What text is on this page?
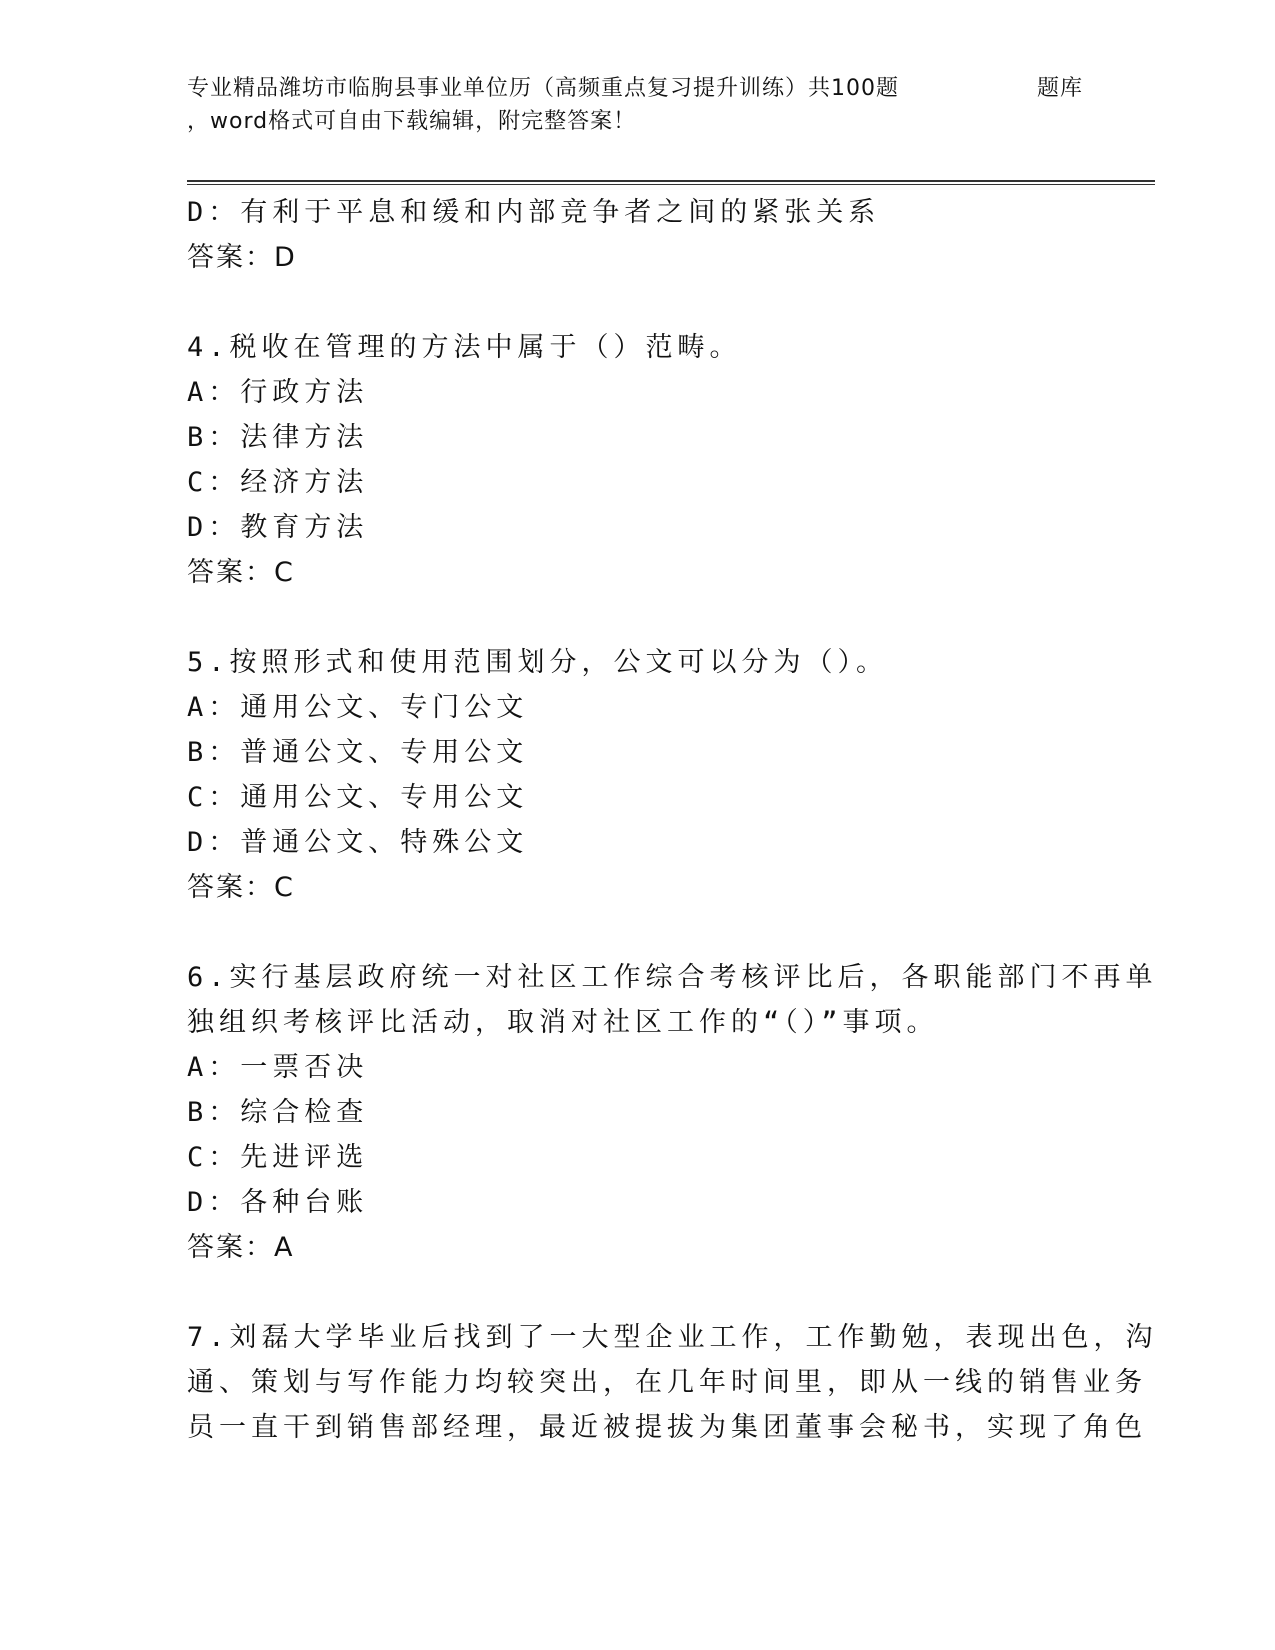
专业精品潍坊市临朐县事业单位历（高频重点复习提升训练）共100题
，word格式可自由下载编辑，附完整答案！
题库
D：有利于平息和缓和内部竞争者之间的紧张关系
答案：D
4.税收在管理的方法中属于（）范畴。
A：行政方法
B：法律方法
C：经济方法
D：教育方法
答案：C
5.按照形式和使用范围划分，公文可以分为（）。
A：通用公文、专门公文
B：普通公文、专用公文
C：通用公文、专用公文
D：普通公文、特殊公文
答案：C
6.实行基层政府统一对社区工作综合考核评比后，各职能部门不再单
独组织考核评比活动，取消对社区工作的“（）”事项。
A：一票否决
B：综合检查
C：先进评选
D：各种台账
答案：A
7.刘磊大学毕业后找到了一大型企业工作，工作勤勉，表现出色，沟
通、策划与写作能力均较突出，在几年时间里，即从一线的销售业务
员一直干到销售部经理，最近被提拔为集团董事会秘书，实现了角色
